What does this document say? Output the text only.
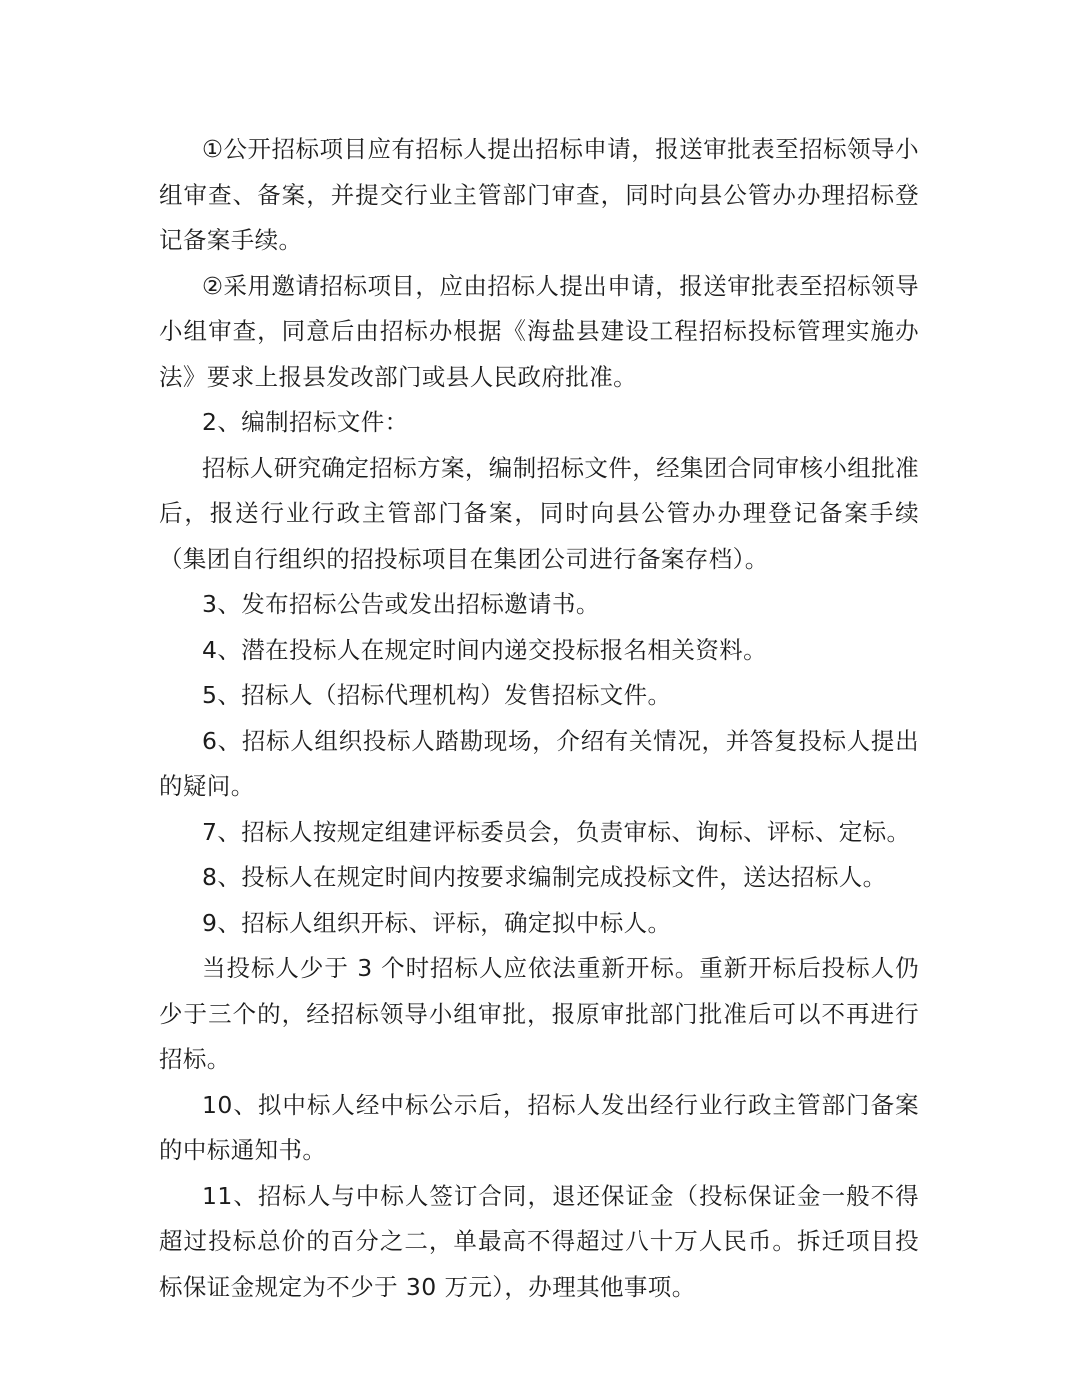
①公开招标项目应有招标人提出招标申请，报送审批表至招标领导小组审查、备案，并提交行业主管部门审查，同时向县公管办办理招标登记备案手续。

②采用邀请招标项目，应由招标人提出申请，报送审批表至招标领导小组审查，同意后由招标办根据《海盐县建设工程招标投标管理实施办法》要求上报县发改部门或县人民政府批准。

2、编制招标文件：

招标人研究确定招标方案，编制招标文件，经集团合同审核小组批准后，报送行业行政主管部门备案，同时向县公管办办理登记备案手续（集团自行组织的招投标项目在集团公司进行备案存档）。

3、发布招标公告或发出招标邀请书。

4、潜在投标人在规定时间内递交投标报名相关资料。

5、招标人（招标代理机构）发售招标文件。

6、招标人组织投标人踏勘现场，介绍有关情况，并答复投标人提出的疑问。

7、招标人按规定组建评标委员会，负责审标、询标、评标、定标。

8、投标人在规定时间内按要求编制完成投标文件，送达招标人。

9、招标人组织开标、评标，确定拟中标人。

当投标人少于 3 个时招标人应依法重新开标。重新开标后投标人仍少于三个的，经招标领导小组审批，报原审批部门批准后可以不再进行招标。

10、拟中标人经中标公示后，招标人发出经行业行政主管部门备案的中标通知书。

11、招标人与中标人签订合同，退还保证金（投标保证金一般不得超过投标总价的百分之二，单最高不得超过八十万人民币。拆迁项目投标保证金规定为不少于 30 万元），办理其他事项。
